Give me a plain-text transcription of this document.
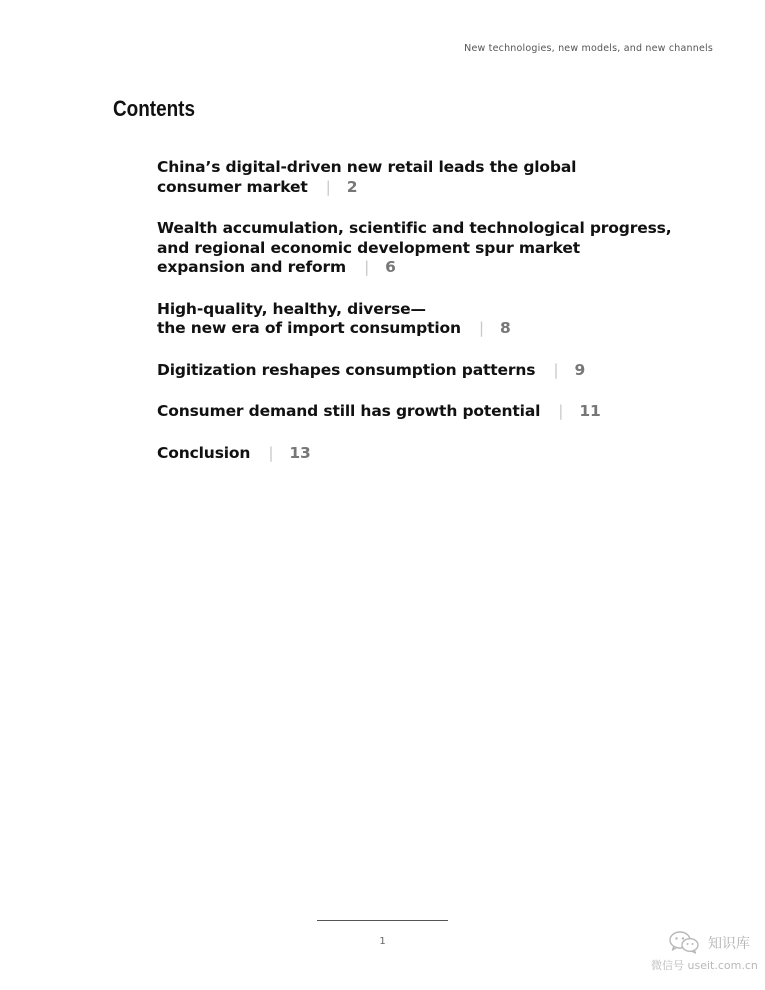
New technologies, new models, and new channels
Contents
China’s digital-driven new retail leads the global
consumer market | 2
Wealth accumulation, scientific and technological progress,
and regional economic development spur market
expansion and reform | 6
High-quality, healthy, diverse—
the new era of import consumption | 8
Digitization reshapes consumption patterns | 9
Consumer demand still has growth potential | 11
Conclusion | 13
1	知识库
微信号 useit.com.cn
